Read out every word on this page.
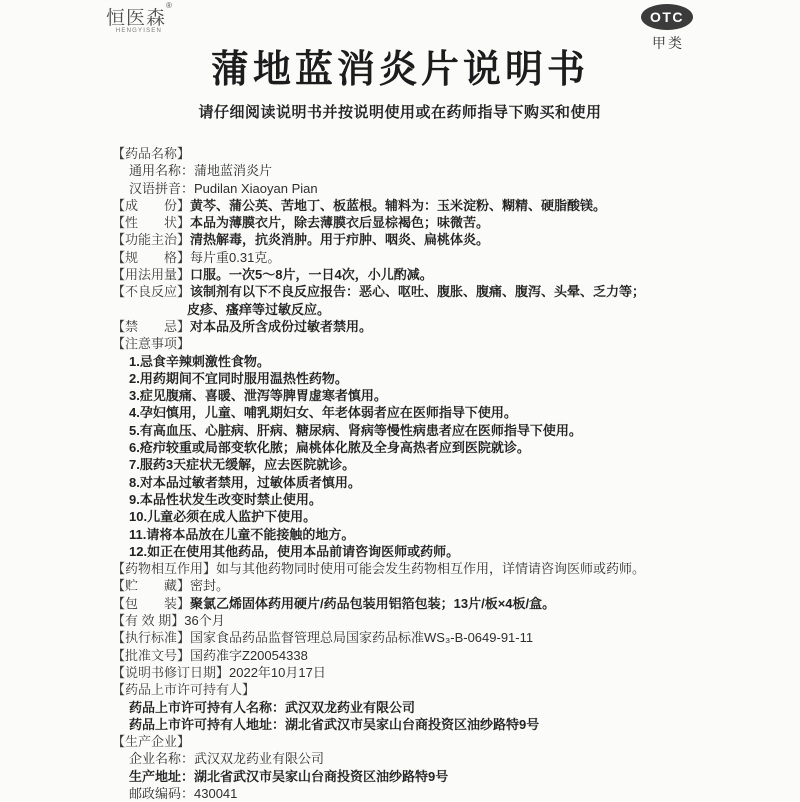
恒医森®
HENGYISEN
OTC
甲类
蒲地蓝消炎片说明书

请仔细阅读说明书并按说明使用或在药师指导下购买和使用

【药品名称】
通用名称：蒲地蓝消炎片
汉语拼音：Pudilan Xiaoyan Pian
【成　　份】黄芩、蒲公英、苦地丁、板蓝根。辅料为：玉米淀粉、糊精、硬脂酸镁。
【性　　状】本品为薄膜衣片，除去薄膜衣后显棕褐色；味微苦。
【功能主治】清热解毒，抗炎消肿。用于疖肿、咽炎、扁桃体炎。
【规　　格】每片重0.31克。
【用法用量】口服。一次5～8片，一日4次，小儿酌减。
【不良反应】该制剂有以下不良反应报告：恶心、呕吐、腹胀、腹痛、腹泻、头晕、乏力等；
皮疹、瘙痒等过敏反应。
【禁　　忌】对本品及所含成份过敏者禁用。
【注意事项】
1.忌食辛辣刺激性食物。
2.用药期间不宜同时服用温热性药物。
3.症见腹痛、喜暖、泄泻等脾胃虚寒者慎用。
4.孕妇慎用，儿童、哺乳期妇女、年老体弱者应在医师指导下使用。
5.有高血压、心脏病、肝病、糖尿病、肾病等慢性病患者应在医师指导下使用。
6.疮疖较重或局部变软化脓；扁桃体化脓及全身高热者应到医院就诊。
7.服药3天症状无缓解，应去医院就诊。
8.对本品过敏者禁用，过敏体质者慎用。
9.本品性状发生改变时禁止使用。
10.儿童必须在成人监护下使用。
11.请将本品放在儿童不能接触的地方。
12.如正在使用其他药品，使用本品前请咨询医师或药师。
【药物相互作用】如与其他药物同时使用可能会发生药物相互作用，详情请咨询医师或药师。
【贮　　藏】密封。
【包　　装】聚氯乙烯固体药用硬片/药品包装用铝箔包装；13片/板×4板/盒。
【有 效 期】36个月
【执行标准】国家食品药品监督管理总局国家药品标准WS₃-B-0649-91-11
【批准文号】国药准字Z20054338
【说明书修订日期】2022年10月17日
【药品上市许可持有人】
药品上市许可持有人名称：武汉双龙药业有限公司
药品上市许可持有人地址：湖北省武汉市吴家山台商投资区油纱路特9号
【生产企业】
企业名称：武汉双龙药业有限公司
生产地址：湖北省武汉市吴家山台商投资区油纱路特9号
邮政编码：430041
